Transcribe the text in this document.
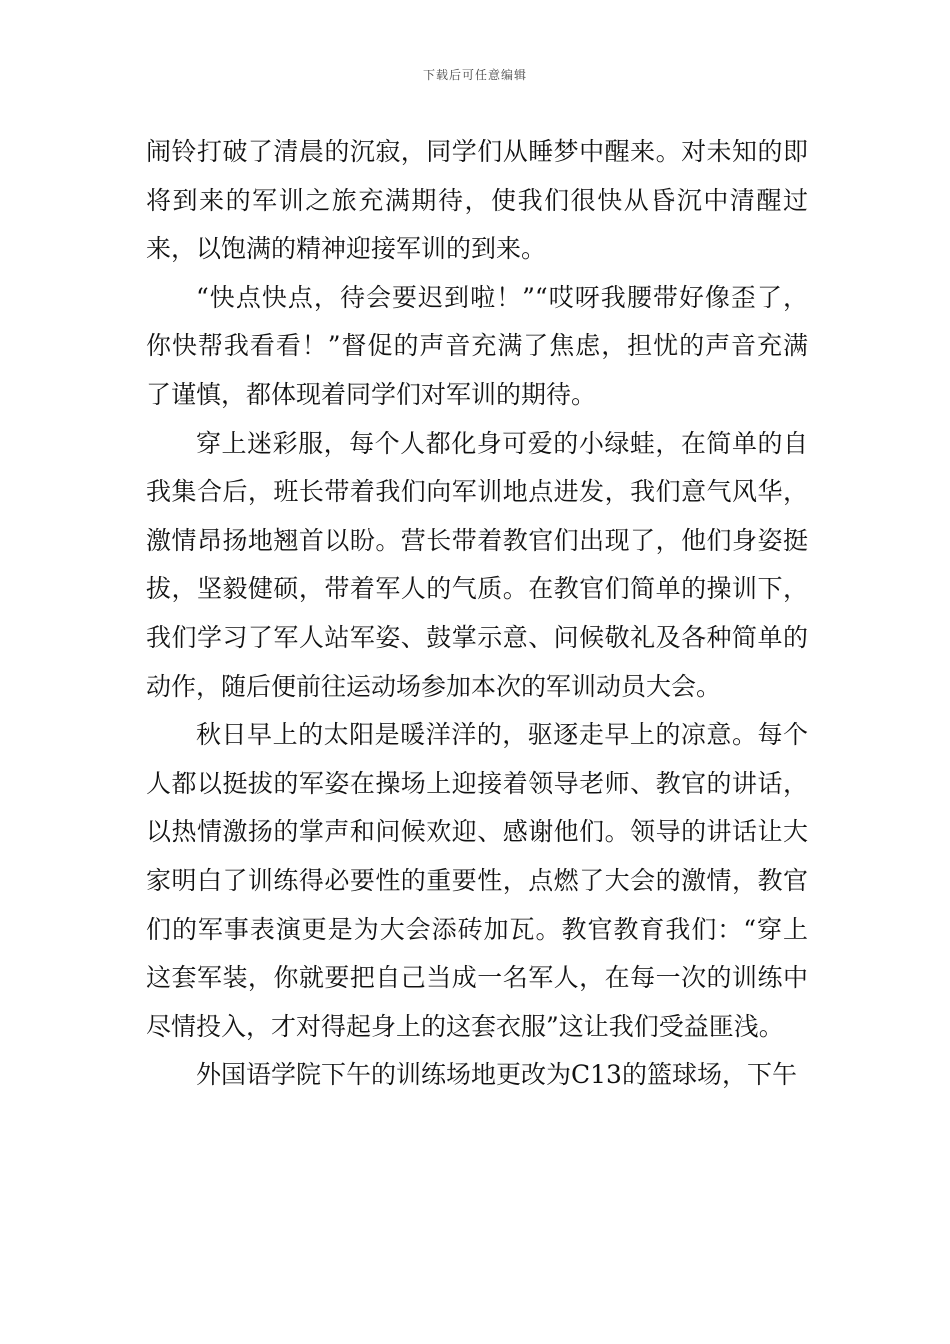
下载后可任意编辑

闹铃打破了清晨的沉寂，同学们从睡梦中醒来。对未知的即将到来的军训之旅充满期待，使我们很快从昏沉中清醒过来，以饱满的精神迎接军训的到来。

“快点快点，待会要迟到啦！”“哎呀我腰带好像歪了，你快帮我看看！”督促的声音充满了焦虑，担忧的声音充满了谨慎，都体现着同学们对军训的期待。

穿上迷彩服，每个人都化身可爱的小绿蛙，在简单的自我集合后，班长带着我们向军训地点进发，我们意气风华，激情昂扬地翘首以盼。营长带着教官们出现了，他们身姿挺拔，坚毅健硕，带着军人的气质。在教官们简单的操训下，我们学习了军人站军姿、鼓掌示意、问候敬礼及各种简单的动作，随后便前往运动场参加本次的军训动员大会。

秋日早上的太阳是暖洋洋的，驱逐走早上的凉意。每个人都以挺拔的军姿在操场上迎接着领导老师、教官的讲话，以热情激扬的掌声和问候欢迎、感谢他们。领导的讲话让大家明白了训练得必要性的重要性，点燃了大会的激情，教官们的军事表演更是为大会添砖加瓦。教官教育我们：“穿上这套军装，你就要把自己当成一名军人，在每一次的训练中尽情投入，才对得起身上的这套衣服”这让我们受益匪浅。

外国语学院下午的训练场地更改为C13的篮球场，下午
